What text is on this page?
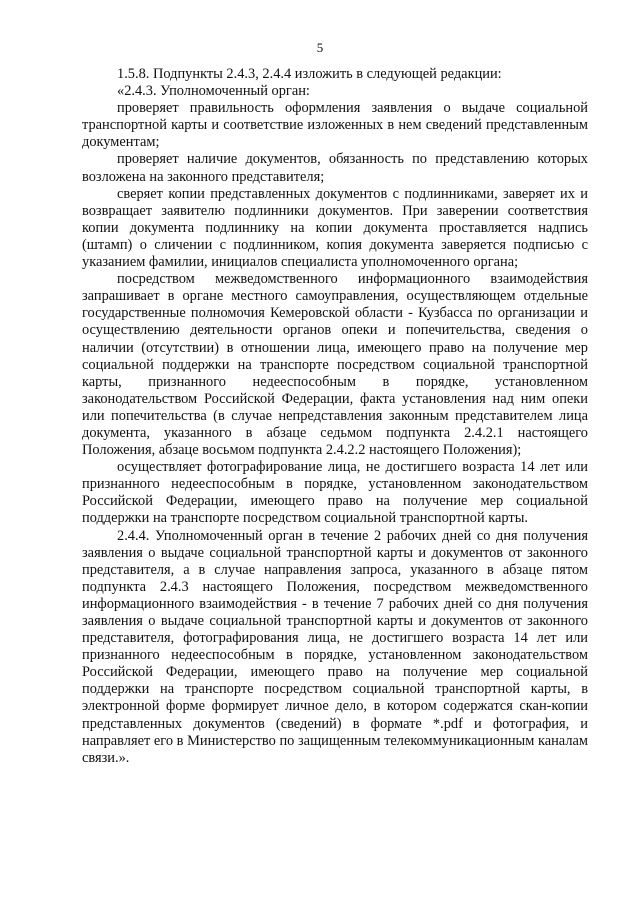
5

1.5.8. Подпункты 2.4.3, 2.4.4 изложить в следующей редакции:

«2.4.3. Уполномоченный орган:

проверяет правильность оформления заявления о выдаче социальной транспортной карты и соответствие изложенных в нем сведений представленным документам;

проверяет наличие документов, обязанность по представлению которых возложена на законного представителя;

сверяет копии представленных документов с подлинниками, заверяет их и возвращает заявителю подлинники документов. При заверении соответствия копии документа подлиннику на копии документа проставляется надпись (штамп) о сличении с подлинником, копия документа заверяется подписью с указанием фамилии, инициалов специалиста уполномоченного органа;

посредством межведомственного информационного взаимодействия запрашивает в органе местного самоуправления, осуществляющем отдельные государственные полномочия Кемеровской области - Кузбасса по организации и осуществлению деятельности органов опеки и попечительства, сведения о наличии (отсутствии) в отношении лица, имеющего право на получение мер социальной поддержки на транспорте посредством социальной транспортной карты, признанного недееспособным в порядке, установленном законодательством Российской Федерации, факта установления над ним опеки или попечительства (в случае непредставления законным представителем лица документа, указанного в абзаце седьмом подпункта 2.4.2.1 настоящего Положения, абзаце восьмом подпункта 2.4.2.2 настоящего Положения);

осуществляет фотографирование лица, не достигшего возраста 14 лет или признанного недееспособным в порядке, установленном законодательством Российской Федерации, имеющего право на получение мер социальной поддержки на транспорте посредством социальной транспортной карты.

2.4.4. Уполномоченный орган в течение 2 рабочих дней со дня получения заявления о выдаче социальной транспортной карты и документов от законного представителя, а в случае направления запроса, указанного в абзаце пятом подпункта 2.4.3 настоящего Положения, посредством межведомственного информационного взаимодействия - в течение 7 рабочих дней со дня получения заявления о выдаче социальной транспортной карты и документов от законного представителя, фотографирования лица, не достигшего возраста 14 лет или признанного недееспособным в порядке, установленном законодательством Российской Федерации, имеющего право на получение мер социальной поддержки на транспорте посредством социальной транспортной карты, в электронной форме формирует личное дело, в котором содержатся скан-копии представленных документов (сведений) в формате *.pdf и фотография, и направляет его в Министерство по защищенным телекоммуникационным каналам связи.».
